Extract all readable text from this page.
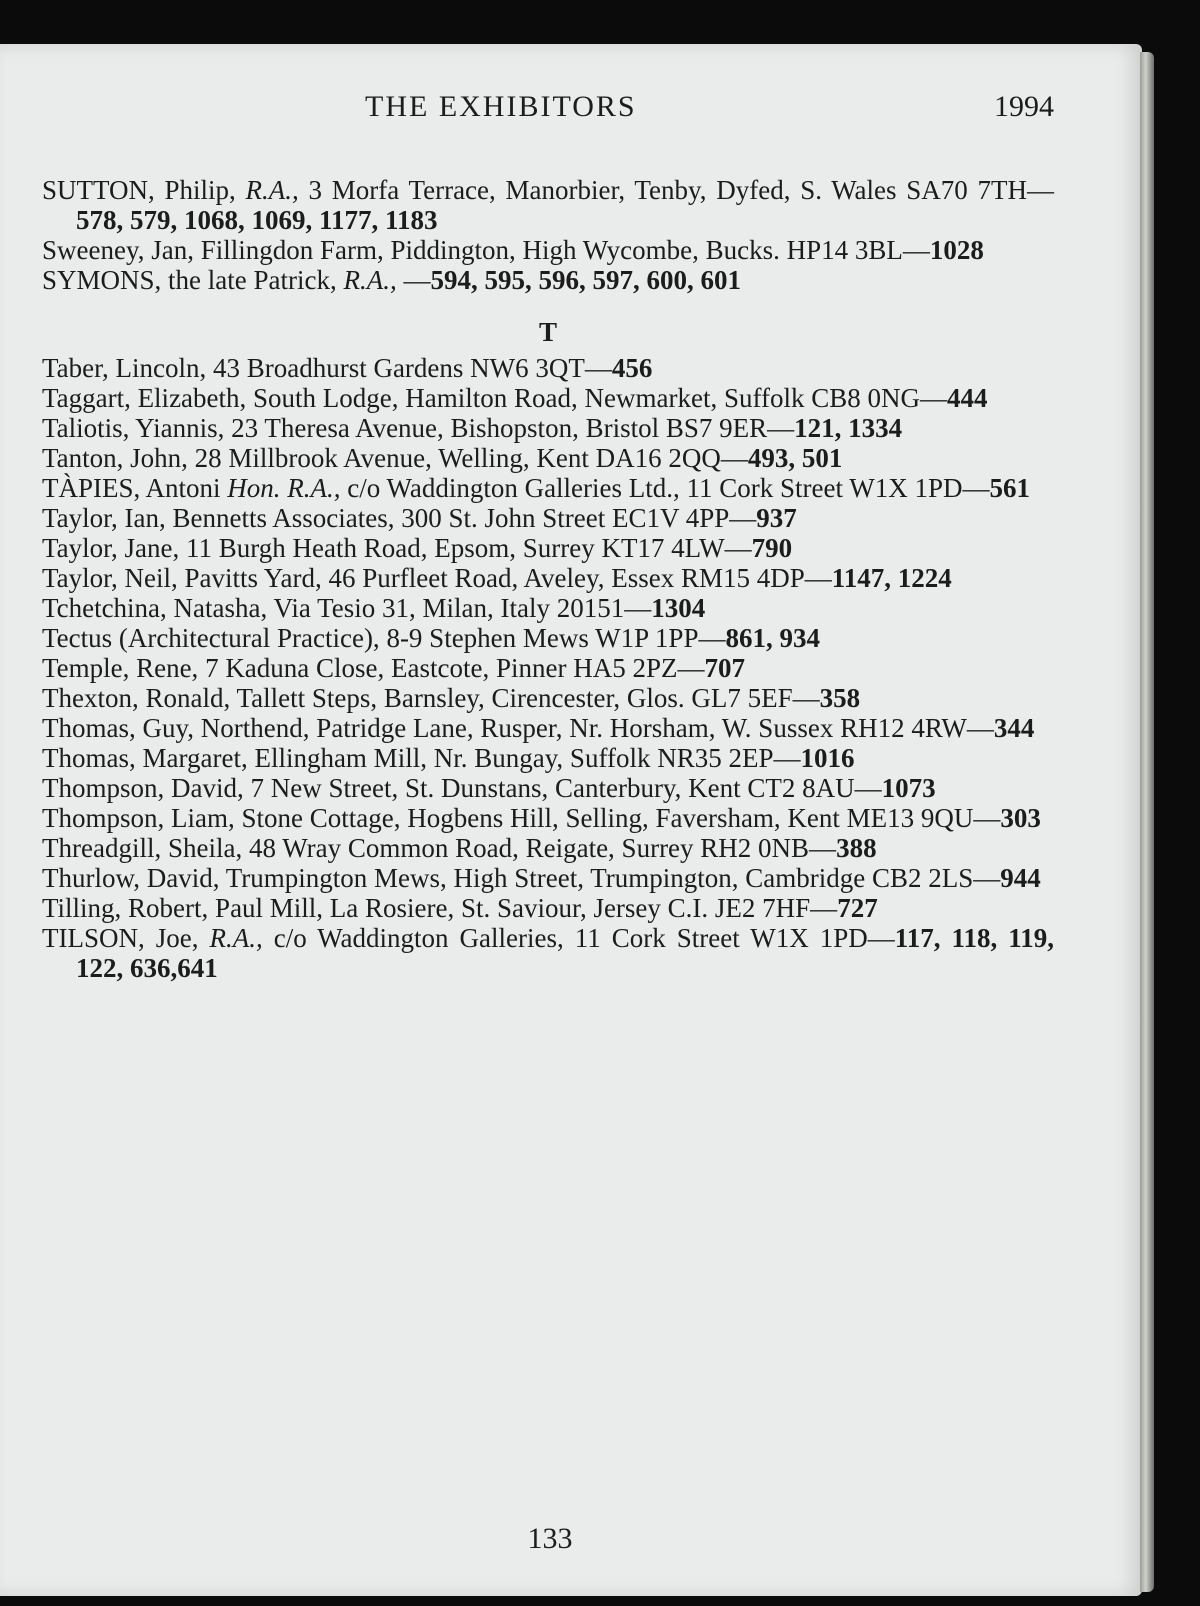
THE EXHIBITORS	1994
SUTTON, Philip, R.A., 3 Morfa Terrace, Manorbier, Tenby, Dyfed, S. Wales SA70 7TH—578, 579, 1068, 1069, 1177, 1183
Sweeney, Jan, Fillingdon Farm, Piddington, High Wycombe, Bucks. HP14 3BL—1028
SYMONS, the late Patrick, R.A., —594, 595, 596, 597, 600, 601
T
Taber, Lincoln, 43 Broadhurst Gardens NW6 3QT—456
Taggart, Elizabeth, South Lodge, Hamilton Road, Newmarket, Suffolk CB8 0NG—444
Taliotis, Yiannis, 23 Theresa Avenue, Bishopston, Bristol BS7 9ER—121, 1334
Tanton, John, 28 Millbrook Avenue, Welling, Kent DA16 2QQ—493, 501
TÀPIES, Antoni Hon. R.A., c/o Waddington Galleries Ltd., 11 Cork Street W1X 1PD—561
Taylor, Ian, Bennetts Associates, 300 St. John Street EC1V 4PP—937
Taylor, Jane, 11 Burgh Heath Road, Epsom, Surrey KT17 4LW—790
Taylor, Neil, Pavitts Yard, 46 Purfleet Road, Aveley, Essex RM15 4DP—1147, 1224
Tchetchina, Natasha, Via Tesio 31, Milan, Italy 20151—1304
Tectus (Architectural Practice), 8-9 Stephen Mews W1P 1PP—861, 934
Temple, Rene, 7 Kaduna Close, Eastcote, Pinner HA5 2PZ—707
Thexton, Ronald, Tallett Steps, Barnsley, Cirencester, Glos. GL7 5EF—358
Thomas, Guy, Northend, Patridge Lane, Rusper, Nr. Horsham, W. Sussex RH12 4RW—344
Thomas, Margaret, Ellingham Mill, Nr. Bungay, Suffolk NR35 2EP—1016
Thompson, David, 7 New Street, St. Dunstans, Canterbury, Kent CT2 8AU—1073
Thompson, Liam, Stone Cottage, Hogbens Hill, Selling, Faversham, Kent ME13 9QU—303
Threadgill, Sheila, 48 Wray Common Road, Reigate, Surrey RH2 0NB—388
Thurlow, David, Trumpington Mews, High Street, Trumpington, Cambridge CB2 2LS—944
Tilling, Robert, Paul Mill, La Rosiere, St. Saviour, Jersey C.I. JE2 7HF—727
TILSON, Joe, R.A., c/o Waddington Galleries, 11 Cork Street W1X 1PD—117, 118, 119, 122, 636,641
133
